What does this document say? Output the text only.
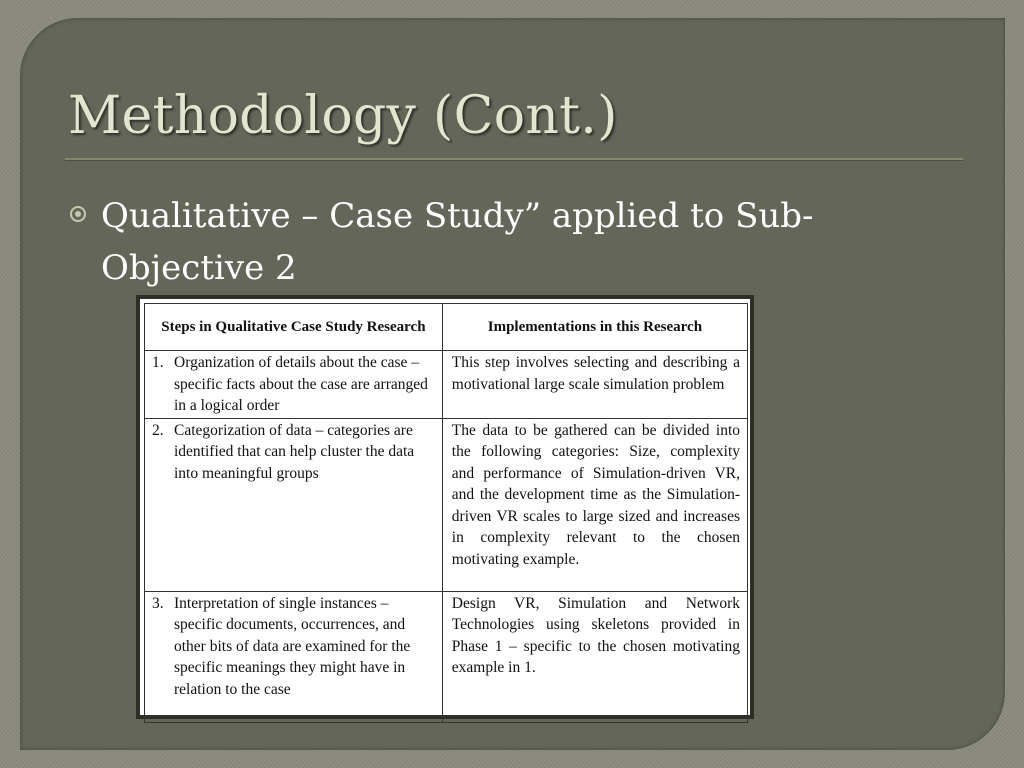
Methodology (Cont.)
Qualitative – Case Study” applied to Sub-Objective 2
Steps in Qualitative Case Study Research	Implementations in this Research

1. Organization of details about the case – specific facts about the case are arranged in a logical order	This step involves selecting and describing a motivational large scale simulation problem

2. Categorization of data – categories are identified that can help cluster the data into meaningful groups	The data to be gathered can be divided into the following categories: Size, complexity and performance of Simulation-driven VR, and the development time as the Simulation-driven VR scales to large sized and increases in complexity relevant to the chosen motivating example.

3. Interpretation of single instances – specific documents, occurrences, and other bits of data are examined for the specific meanings they might have in relation to the case	Design VR, Simulation and Network Technologies using skeletons provided in Phase 1 – specific to the chosen motivating example in 1.
